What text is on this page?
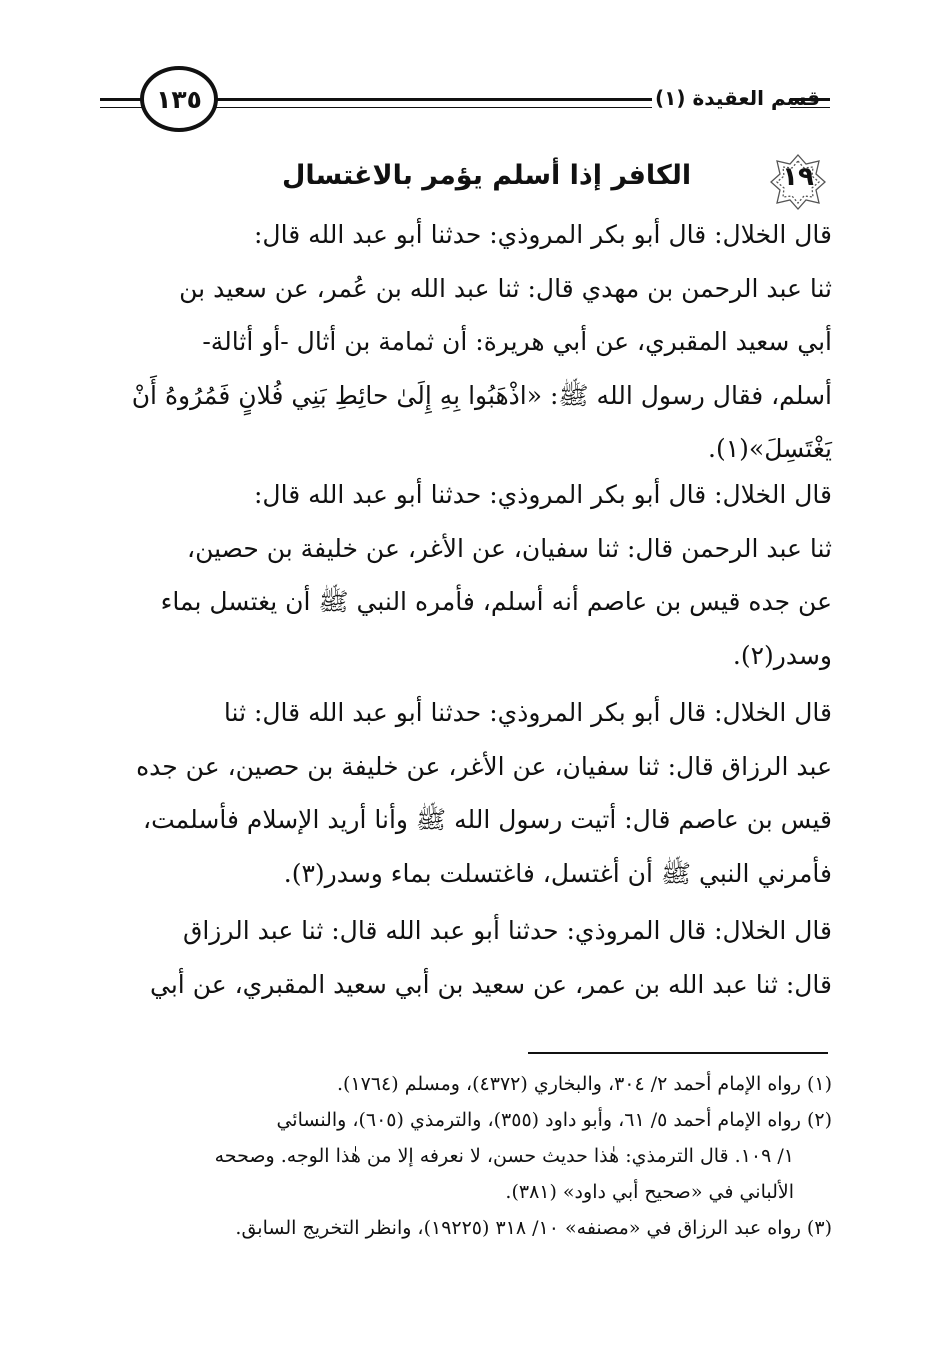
١٣٥	قسم العقيدة (١)
١٩
الكافر إذا أسلم يؤمر بالاغتسال
قال الخلال: قال أبو بكر المروذي: حدثنا أبو عبد الله قال:
ثنا عبد الرحمن بن مهدي قال: ثنا عبد الله بن عُمر، عن سعيد بن
أبي سعيد المقبري، عن أبي هريرة: أن ثمامة بن أثال -أو أثالة-
أسلم، فقال رسول الله ﷺ: «اذْهَبُوا بِهِ إِلَىٰ حائِطِ بَنِي فُلانٍ فَمُرُوهُ أَنْ
يَغْتَسِلَ»(١).
قال الخلال: قال أبو بكر المروذي: حدثنا أبو عبد الله قال:
ثنا عبد الرحمن قال: ثنا سفيان، عن الأغر، عن خليفة بن حصين،
عن جده قيس بن عاصم أنه أسلم، فأمره النبي ﷺ أن يغتسل بماء
وسدر(٢).
قال الخلال: قال أبو بكر المروذي: حدثنا أبو عبد الله قال: ثنا
عبد الرزاق قال: ثنا سفيان، عن الأغر، عن خليفة بن حصين، عن جده
قيس بن عاصم قال: أتيت رسول الله ﷺ وأنا أريد الإسلام فأسلمت،
فأمرني النبي ﷺ أن أغتسل، فاغتسلت بماء وسدر(٣).
قال الخلال: قال المروذي: حدثنا أبو عبد الله قال: ثنا عبد الرزاق
قال: ثنا عبد الله بن عمر، عن سعيد بن أبي سعيد المقبري، عن أبي
(١) رواه الإمام أحمد ٢/ ٣٠٤، والبخاري (٤٣٧٢)، ومسلم (١٧٦٤).
(٢) رواه الإمام أحمد ٥/ ٦١، وأبو داود (٣٥٥)، والترمذي (٦٠٥)، والنسائي
١/ ١٠٩. قال الترمذي: هٰذا حديث حسن، لا نعرفه إلا من هٰذا الوجه. وصححه
الألباني في «صحيح أبي داود» (٣٨١).
(٣) رواه عبد الرزاق في «مصنفه» ١٠/ ٣١٨ (١٩٢٢٥)، وانظر التخريج السابق.
